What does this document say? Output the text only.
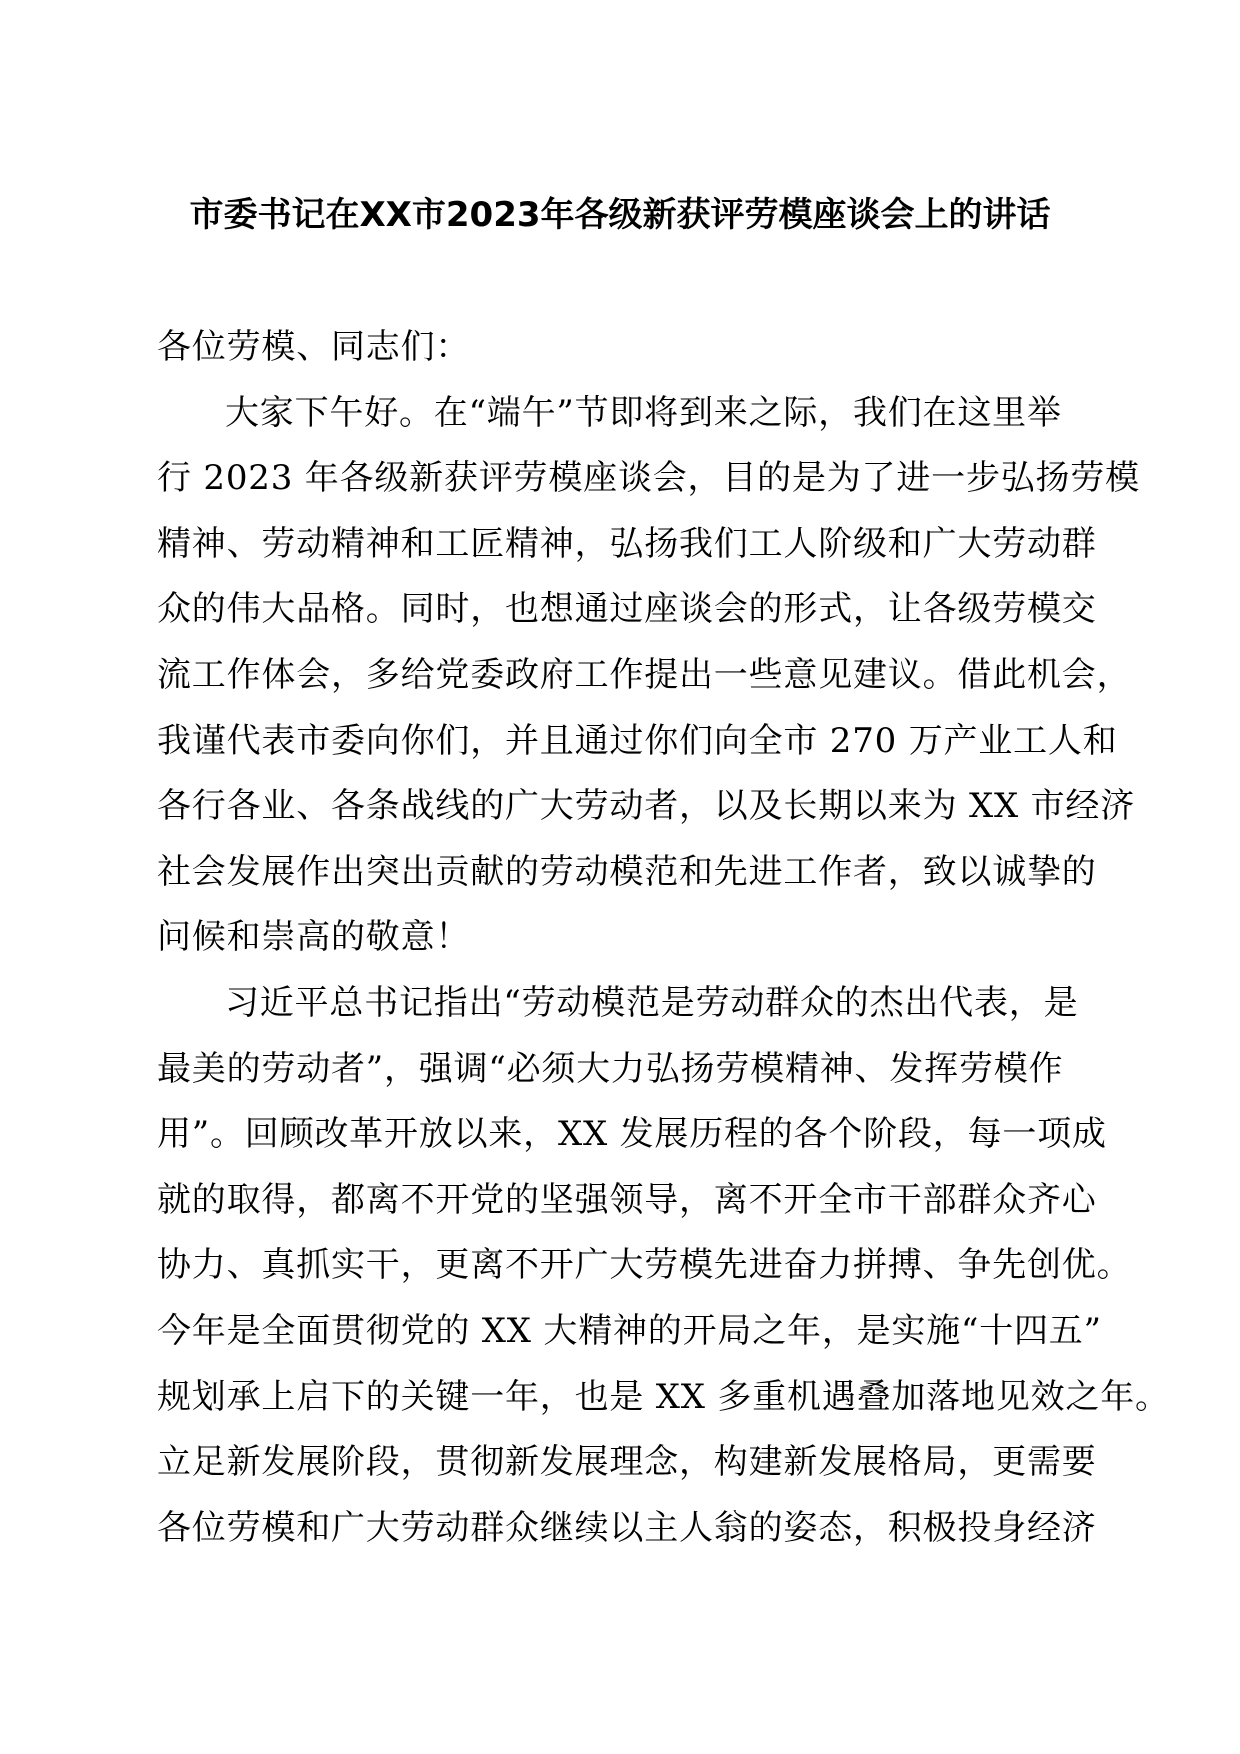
市委书记在XX市2023年各级新获评劳模座谈会上的讲话
各位劳模、同志们：
大家下午好。在“端午”节即将到来之际，我们在这里举
行 2023 年各级新获评劳模座谈会，目的是为了进一步弘扬劳模
精神、劳动精神和工匠精神，弘扬我们工人阶级和广大劳动群
众的伟大品格。同时，也想通过座谈会的形式，让各级劳模交
流工作体会，多给党委政府工作提出一些意见建议。借此机会，
我谨代表市委向你们，并且通过你们向全市 270 万产业工人和
各行各业、各条战线的广大劳动者，以及长期以来为 XX 市经济
社会发展作出突出贡献的劳动模范和先进工作者，致以诚挚的
问候和崇高的敬意！
习近平总书记指出“劳动模范是劳动群众的杰出代表，是
最美的劳动者”，强调“必须大力弘扬劳模精神、发挥劳模作
用”。回顾改革开放以来，XX 发展历程的各个阶段，每一项成
就的取得，都离不开党的坚强领导，离不开全市干部群众齐心
协力、真抓实干，更离不开广大劳模先进奋力拼搏、争先创优。
今年是全面贯彻党的 XX 大精神的开局之年，是实施“十四五”
规划承上启下的关键一年，也是 XX 多重机遇叠加落地见效之年。
立足新发展阶段，贯彻新发展理念，构建新发展格局，更需要
各位劳模和广大劳动群众继续以主人翁的姿态，积极投身经济
